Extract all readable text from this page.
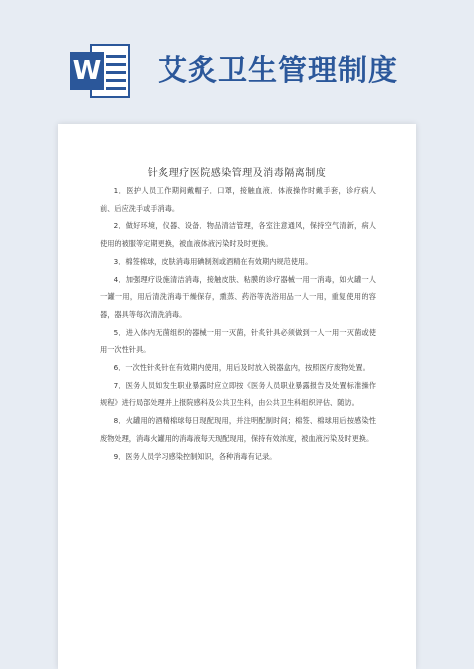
W 艾炙卫生管理制度
针炙理疗医院感染管理及消毒隔离制度

1．医护人员工作期间戴帽子．口罩，接触血液．体液操作时戴手套，诊疗病人前、后应洗手或手消毒。

2．做好环境，仪器、设备．物品清洁管理，各室注意通风，保持空气清新，病人使用的被服等定期更换，被血液体液污染时及时更换。

3．棉签棉球，皮肤消毒用碘制剂或酒精在有效期内规范使用。

4．加强理疗设施清洁消毒，接触皮肤、粘膜的诊疗器械一用一消毒，如火罐一人一罐一用，用后清洗消毒干燥保存，熏蒸、药浴等洗浴用品一人一用，重复使用的容器，器具等每次清洗消毒。

5．进入体内无菌组织的器械一用一灭菌，针炙针具必须做到一人一用一灭菌或使用一次性针具。

6．一次性针炙针在有效期内使用，用后及时放入锐器盒内，按照医疗废物处置。

7．医务人员如发生职业暴露时应立即按《医务人员职业暴露报告及处置标准操作规程》进行局部处理并上报院感科及公共卫生科，由公共卫生科组织评估、随访。

8．火罐用的酒精棉球每日现配现用，并注明配制时间；棉签、棉球用后按感染性废物处理，消毒火罐用的消毒液每天现配现用，保持有效浓度，被血液污染及时更换。

9．医务人员学习感染控制知识，各种消毒有记录。
